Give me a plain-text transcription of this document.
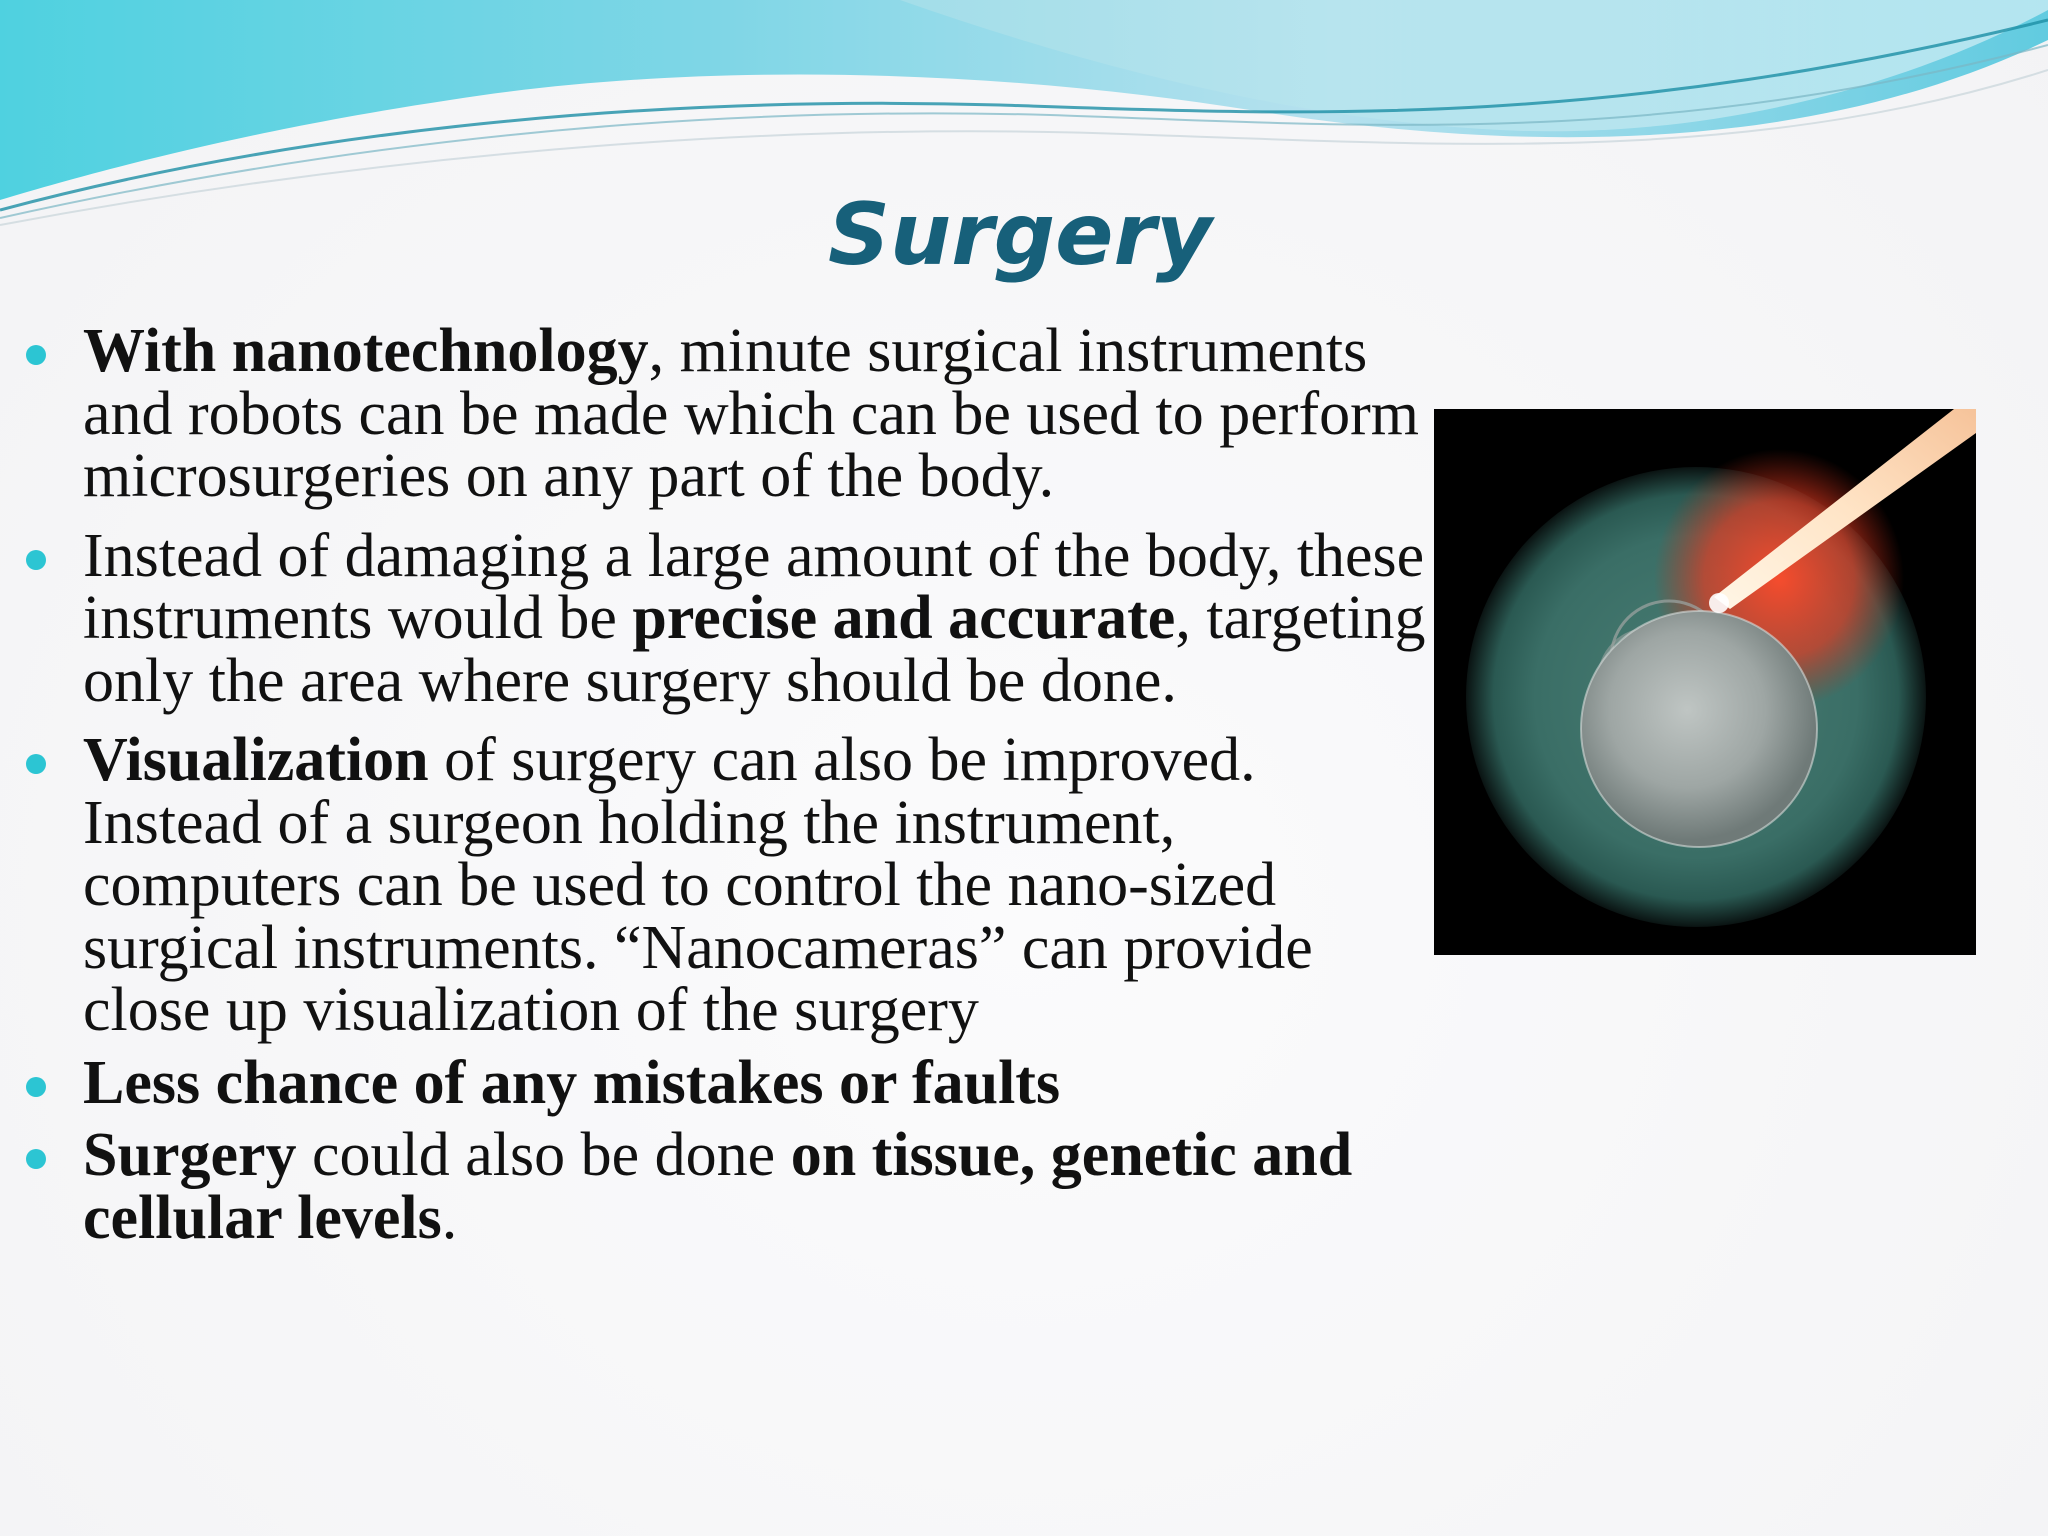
Surgery
With nanotechnology, minute surgical instruments and robots can be made which can be used to perform microsurgeries on any part of the body.
Instead of damaging a large amount of the body, these instruments would be precise and accurate, targeting only the area where surgery should be done.
Visualization of surgery can also be improved. Instead of a surgeon holding the instrument, computers can be used to control the nano-sized surgical instruments. “Nanocameras” can provide close up visualization of the surgery
Less chance of any mistakes or faults
Surgery could also be done on tissue, genetic and cellular levels.
